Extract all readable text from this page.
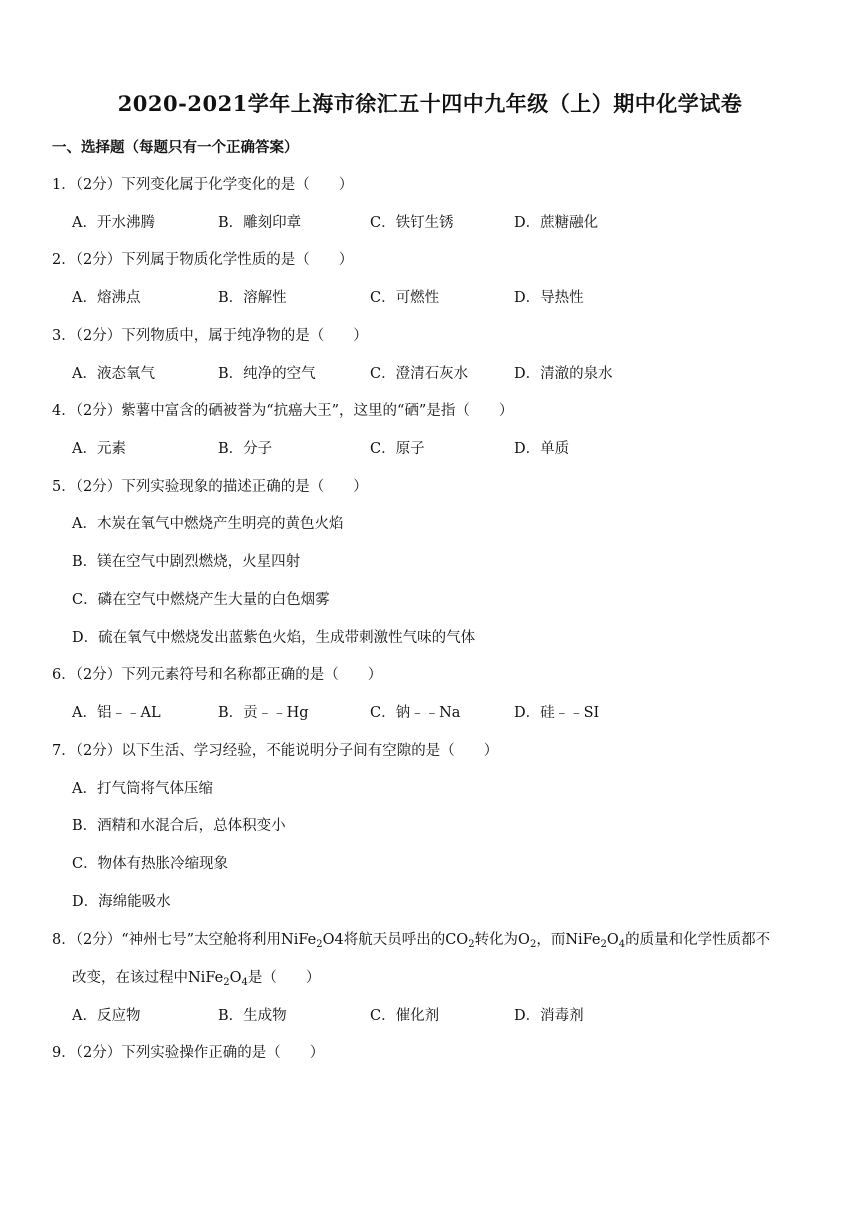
2020-2021学年上海市徐汇五十四中九年级（上）期中化学试卷
一、选择题（每题只有一个正确答案）
1．（2分）下列变化属于化学变化的是（　　）
A．开水沸腾	B．雕刻印章	C．铁钉生锈	D．蔗糖融化
2．（2分）下列属于物质化学性质的是（　　）
A．熔沸点	B．溶解性	C．可燃性	D．导热性
3．（2分）下列物质中，属于纯净物的是（　　）
A．液态氧气	B．纯净的空气	C．澄清石灰水	D．清澈的泉水
4．（2分）紫薯中富含的硒被誉为“抗癌大王”，这里的“硒”是指（　　）
A．元素	B．分子	C．原子	D．单质
5．（2分）下列实验现象的描述正确的是（　　）
A．木炭在氧气中燃烧产生明亮的黄色火焰
B．镁在空气中剧烈燃烧，火星四射
C．磷在空气中燃烧产生大量的白色烟雾
D．硫在氧气中燃烧发出蓝紫色火焰，生成带刺激性气味的气体
6．（2分）下列元素符号和名称都正确的是（　　）
A．铝﹣﹣AL	B．贡﹣﹣Hg	C．钠﹣﹣Na	D．硅﹣﹣SI
7．（2分）以下生活、学习经验，不能说明分子间有空隙的是（　　）
A．打气筒将气体压缩
B．酒精和水混合后，总体积变小
C．物体有热胀冷缩现象
D．海绵能吸水
8．（2分）“神州七号”太空舱将利用NiFe$_2$O4将航天员呼出的$CO_2$转化为$O_2$，而$NiFe_2O_4$的质量和化学性质都不
改变，在该过程中$NiFe_2O_4$是（　　）
A．反应物	B．生成物	C．催化剂	D．消毒剂
9．（2分）下列实验操作正确的是（　　）
